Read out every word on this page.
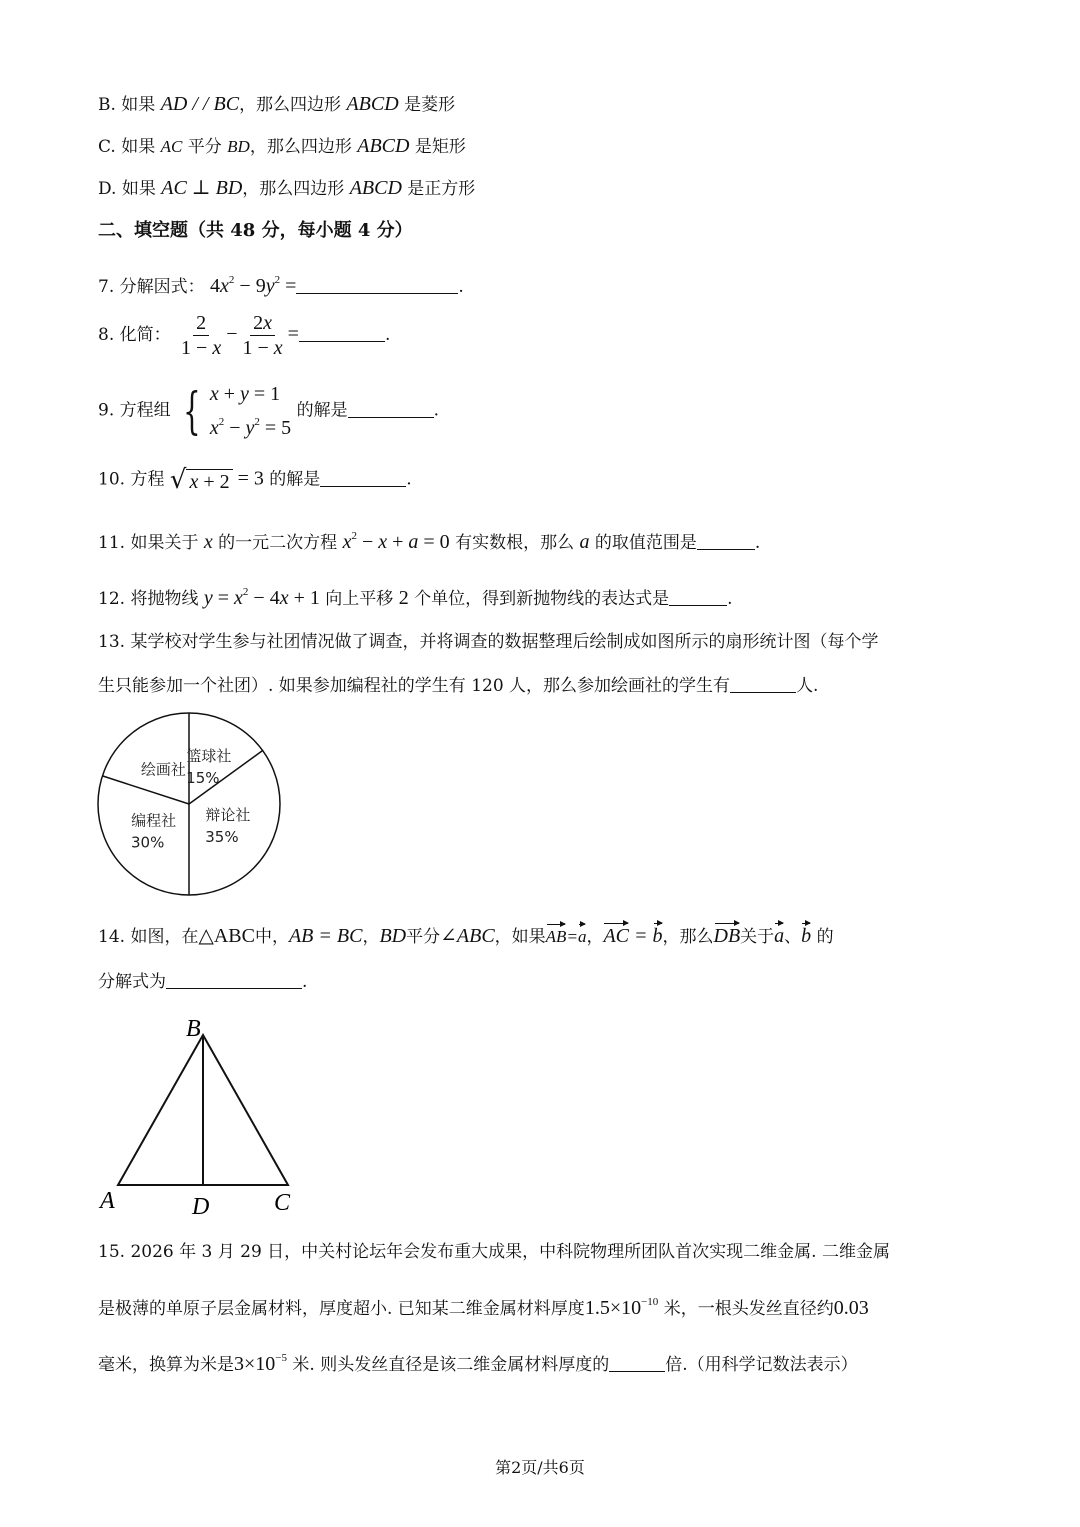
B. 如果 AD / / BC，那么四边形 ABCD 是菱形
C. 如果 AC 平分 BD，那么四边形 ABCD 是矩形
D. 如果 AC ⊥ BD，那么四边形 ABCD 是正方形
二、填空题（共 48 分，每小题 4 分）
7. 分解因式： $4x^2 - 9y^2$ =	.
8. 化简： $\frac{2}{1 - x} - \frac{2x}{1 - x}$ =	.
9. 方程组 { x + y = 1
$x^2 - y^2 = 5$
的解是	.
10. 方程 √ x + 2 = 3 的解是	.
11. 如果关于 x 的一元二次方程 $x^2 - x + a = 0$ 有实数根，那么 a 的取值范围是	.
12. 将抛物线 $y = x^2 - 4x + 1$ 向上平移 2 个单位，得到新抛物线的表达式是	.
13. 某学校对学生参与社团情况做了调查，并将调查的数据整理后绘制成如图所示的扇形统计图（每个学
生只能参加一个社团）. 如果参加编程社的学生有 120 人，那么参加绘画社的学生有	人.
篮球社
15%
辩论社
35%
编程社
30%
绘画社
14. 如图，在△ABC中，AB = BC，BD平分∠ABC，如果AB=a，AC = b，那么DB关于a、b 的
分解式为	.
B
A	D	C
15. 2026 年 3 月 29 日，中关村论坛年会发布重大成果，中科院物理所团队首次实现二维金属. 二维金属
是极薄的单原子层金属材料，厚度超小. 已知某二维金属材料厚度$1.5\times 10^{-10}$ 米，一根头发丝直径约0.03
毫米，换算为米是$3\times 10^{-5}$ 米. 则头发丝直径是该二维金属材料厚度的	倍.（用科学记数法表示）
第2页/共6页
